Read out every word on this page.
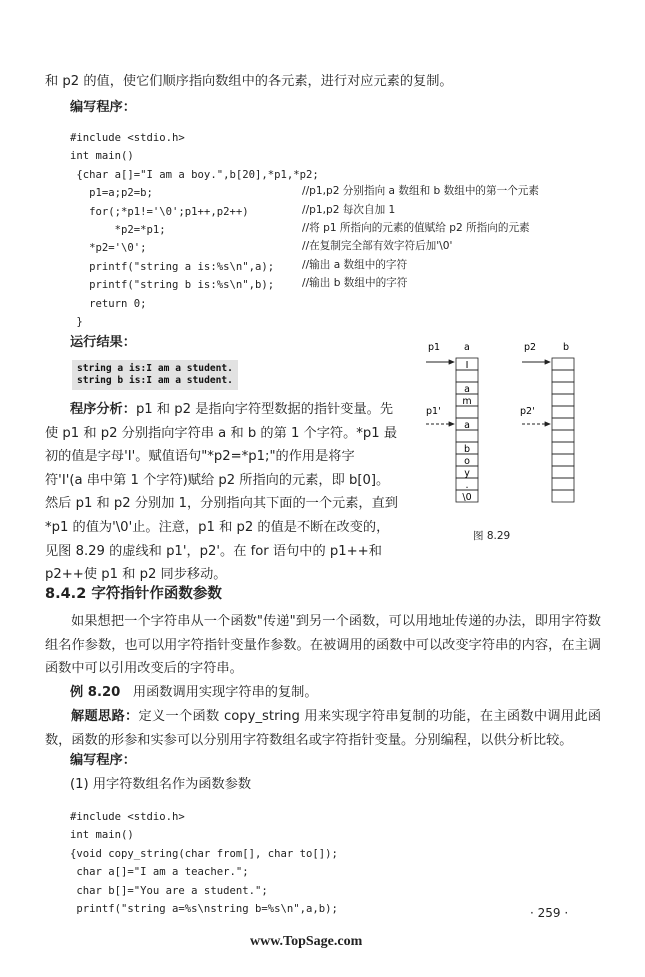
和 p2 的值，使它们顺序指向数组中的各元素，进行对应元素的复制。
编写程序：
#include <stdio.h>
int main()
{char a[]="I am a boy.",b[20],*p1,*p2;
p1=a;p2=b;	//p1,p2 分别指向 a 数组和 b 数组中的第一个元素
for(;*p1!='\0';p1++,p2++)	//p1,p2 每次自加 1
*p2=*p1;	//将 p1 所指向的元素的值赋给 p2 所指向的元素
*p2='\0';	//在复制完全部有效字符后加'\0'
printf("string a is:%s\n",a);	//输出 a 数组中的字符
printf("string b is:%s\n",b);	//输出 b 数组中的字符
return 0;
}
运行结果：
string a is:I am a student.
string b is:I am a student.
程序分析：p1 和 p2 是指向字符型数据的指针变量。先
使 p1 和 p2 分别指向字符串 a 和 b 的第 1 个字符。*p1 最
初的值是字母'I'。赋值语句"*p2=*p1;"的作用是将字
符'I'(a 串中第 1 个字符)赋给 p2 所指向的元素，即 b[0]。
然后 p1 和 p2 分别加 1，分别指向其下面的一个元素，直到
*p1 的值为'\0'止。注意，p1 和 p2 的值是不断在改变的，
见图 8.29 的虚线和 p1'，p2'。在 for 语句中的 p1++和
p2++使 p1 和 p2 同步移动。
p1	a	p2	b
p1'	p2'
I
a
m
a
b
o
y
.
\0
图 8.29
8.4.2 字符指针作函数参数
如果想把一个字符串从一个函数"传递"到另一个函数，可以用地址传递的办法，即用字符数组名作参数，也可以用字符指针变量作参数。在被调用的函数中可以改变字符串的内容，在主调函数中可以引用改变后的字符串。
例 8.20 用函数调用实现字符串的复制。
解题思路：定义一个函数 copy_string 用来实现字符串复制的功能，在主函数中调用此函数，函数的形参和实参可以分别用字符数组名或字符指针变量。分别编程，以供分析比较。
编写程序：
(1) 用字符数组名作为函数参数
#include <stdio.h>
int main()
{void copy_string(char from[], char to[]);
char a[]="I am a teacher.";
char b[]="You are a student.";
printf("string a=%s\nstring b=%s\n",a,b);	· 259 ·
www.TopSage.com
